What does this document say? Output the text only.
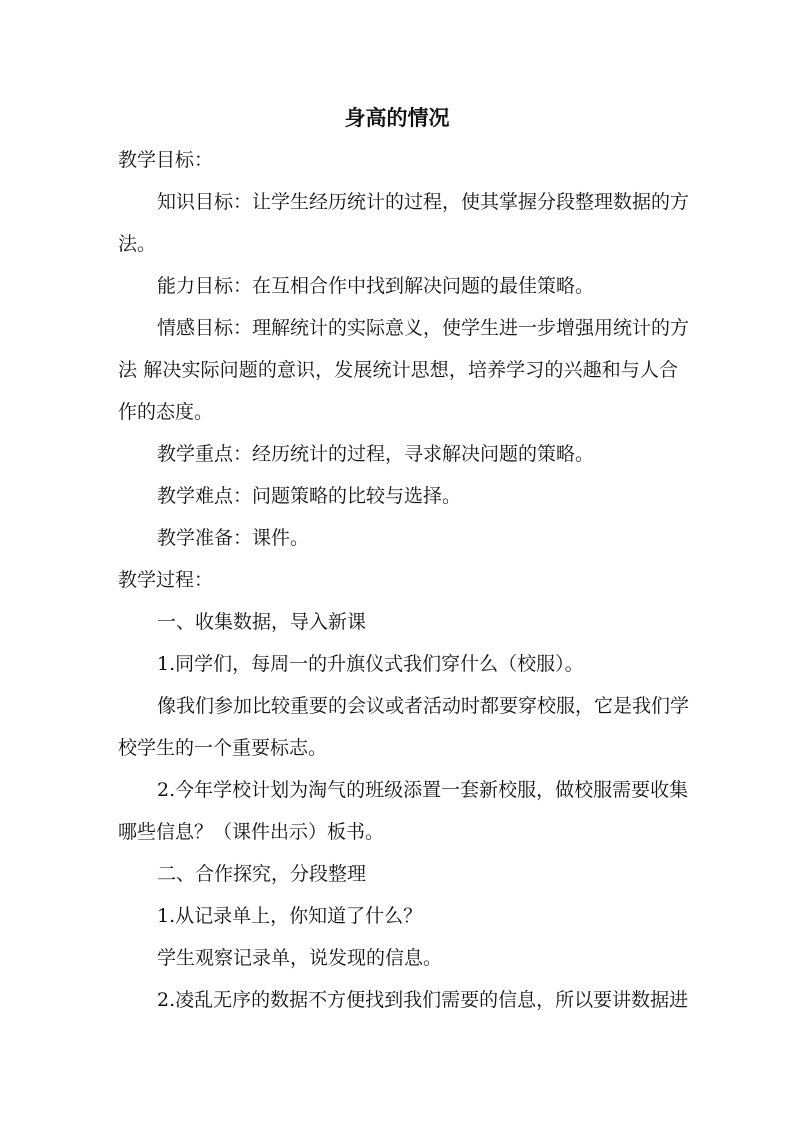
身高的情况
教学目标：
知识目标：让学生经历统计的过程，使其掌握分段整理数据的方
法。
能力目标：在互相合作中找到解决问题的最佳策略。
情感目标：理解统计的实际意义，使学生进一步增强用统计的方
法 解决实际问题的意识，发展统计思想，培养学习的兴趣和与人合
作的态度。
教学重点：经历统计的过程，寻求解决问题的策略。
教学难点：问题策略的比较与选择。
教学准备：课件。
教学过程：
一、收集数据，导入新课
1.同学们，每周一的升旗仪式我们穿什么（校服）。
像我们参加比较重要的会议或者活动时都要穿校服，它是我们学
校学生的一个重要标志。
2.今年学校计划为淘气的班级添置一套新校服，做校服需要收集
哪些信息？（课件出示）板书。
二、合作探究，分段整理
1.从记录单上，你知道了什么？
学生观察记录单，说发现的信息。
2.凌乱无序的数据不方便找到我们需要的信息，所以要讲数据进
